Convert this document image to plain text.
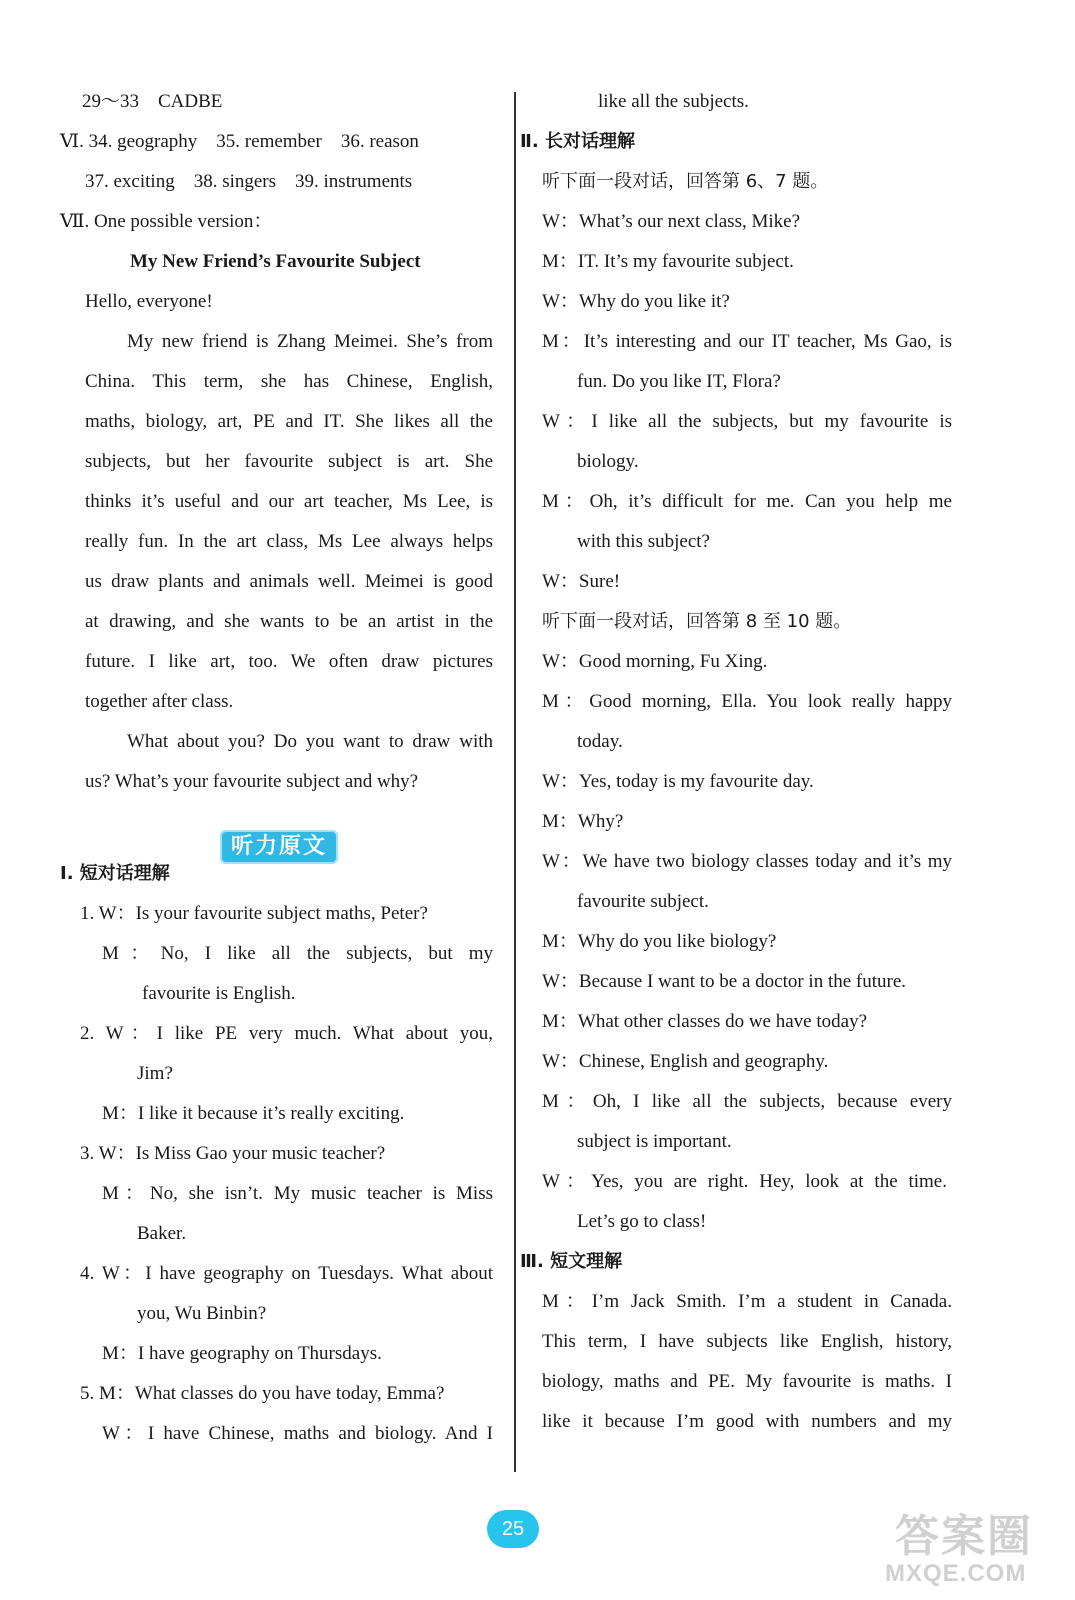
29～33　CADBE
Ⅵ. 34. geography　35. remember　36. reason
37. exciting　38. singers　39. instruments
Ⅶ. One possible version：
My New Friend’s Favourite Subject
Hello, everyone!
My new friend is Zhang Meimei. She’s from
China. This term, she has Chinese, English,
maths, biology, art, PE and IT. She likes all the
subjects, but her favourite subject is art. She
thinks it’s useful and our art teacher, Ms Lee, is
really fun. In the art class, Ms Lee always helps
us draw plants and animals well. Meimei is good
at drawing, and she wants to be an artist in the
future. I like art, too. We often draw pictures
together after class.
What about you? Do you want to draw with
us? What’s your favourite subject and why?
Ⅰ. 短对话理解
1. W：Is your favourite subject maths, Peter?
M：No, I like all the subjects, but my
favourite is English.
2. W：I like PE very much. What about you,
Jim?
M：I like it because it’s really exciting.
3. W：Is Miss Gao your music teacher?
M：No, she isn’t. My music teacher is Miss
Baker.
4. W：I have geography on Tuesdays. What about
you, Wu Binbin?
M：I have geography on Thursdays.
5. M：What classes do you have today, Emma?
W：I have Chinese, maths and biology. And I
听力原文
like all the subjects.
Ⅱ. 长对话理解
听下面一段对话，回答第 6、7 题。
W：What’s our next class, Mike?
M：IT. It’s my favourite subject.
W：Why do you like it?
M：It’s interesting and our IT teacher, Ms Gao, is
fun. Do you like IT, Flora?
W：I like all the subjects, but my favourite is
biology.
M：Oh, it’s difficult for me. Can you help me
with this subject?
W：Sure!
听下面一段对话，回答第 8 至 10 题。
W：Good morning, Fu Xing.
M：Good morning, Ella. You look really happy
today.
W：Yes, today is my favourite day.
M：Why?
W：We have two biology classes today and it’s my
favourite subject.
M：Why do you like biology?
W：Because I want to be a doctor in the future.
M：What other classes do we have today?
W：Chinese, English and geography.
M：Oh, I like all the subjects, because every
subject is important.
W：Yes, you are right. Hey, look at the time.
Let’s go to class!
Ⅲ. 短文理解
M：I’m Jack Smith. I’m a student in Canada.
This term, I have subjects like English, history,
biology, maths and PE. My favourite is maths. I
like it because I’m good with numbers and my
25	答案圈
MXQE.COM
